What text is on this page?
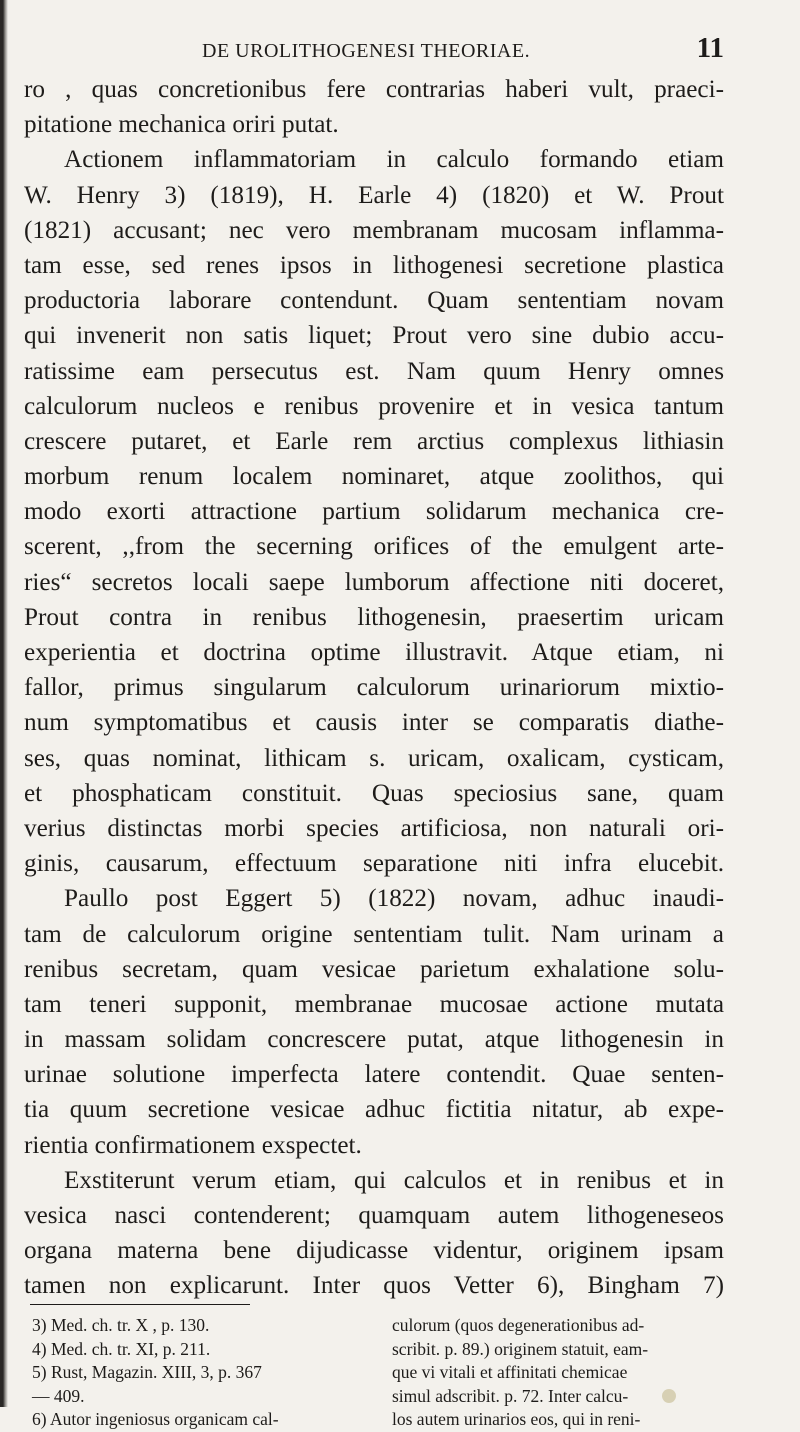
DE UROLITHOGENESI THEORIAE.	11
ro , quas concretionibus fere contrarias haberi vult, praeci-
pitatione mechanica oriri putat.
Actionem inflammatoriam in calculo formando etiam
W. Henry 3) (1819), H. Earle 4) (1820) et W. Prout
(1821) accusant; nec vero membranam mucosam inflamma-
tam esse, sed renes ipsos in lithogenesi secretione plastica
productoria laborare contendunt. Quam sententiam novam
qui invenerit non satis liquet; Prout vero sine dubio accu-
ratissime eam persecutus est. Nam quum Henry omnes
calculorum nucleos e renibus provenire et in vesica tantum
crescere putaret, et Earle rem arctius complexus lithiasin
morbum renum localem nominaret, atque zoolithos, qui
modo exorti attractione partium solidarum mechanica cre-
scerent, ,,from the secerning orifices of the emulgent arte-
ries“ secretos locali saepe lumborum affectione niti doceret,
Prout contra in renibus lithogenesin, praesertim uricam
experientia et doctrina optime illustravit. Atque etiam, ni
fallor, primus singularum calculorum urinariorum mixtio-
num symptomatibus et causis inter se comparatis diathe-
ses, quas nominat, lithicam s. uricam, oxalicam, cysticam,
et phosphaticam constituit. Quas speciosius sane, quam
verius distinctas morbi species artificiosa, non naturali ori-
ginis, causarum, effectuum separatione niti infra elucebit.
Paullo post Eggert 5) (1822) novam, adhuc inaudi-
tam de calculorum origine sententiam tulit. Nam urinam a
renibus secretam, quam vesicae parietum exhalatione solu-
tam teneri supponit, membranae mucosae actione mutata
in massam solidam concrescere putat, atque lithogenesin in
urinae solutione imperfecta latere contendit. Quae senten-
tia quum secretione vesicae adhuc fictitia nitatur, ab expe-
rientia confirmationem exspectet.
Exstiterunt verum etiam, qui calculos et in renibus et in
vesica nasci contenderent; quamquam autem lithogeneseos
organa materna bene dijudicasse videntur, originem ipsam
tamen non explicarunt. Inter quos Vetter 6), Bingham 7)
3) Med. ch. tr. X , p. 130.
4) Med. ch. tr. XI, p. 211.
5) Rust, Magazin. XIII, 3, p. 367
— 409.
6) Autor ingeniosus organicam cal-
culorum (quos degenerationibus ad-
scribit. p. 89.) originem statuit, eam-
que vi vitali et affinitati chemicae
simul adscribit. p. 72. Inter calcu-
los autem urinarios eos, qui in reni-
